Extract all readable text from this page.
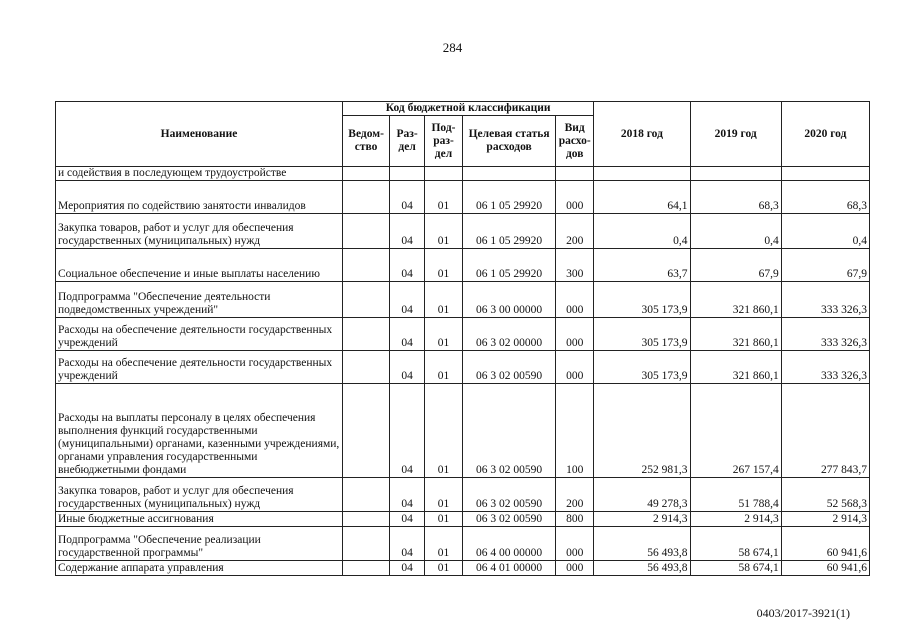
284
Наименование	Код бюджетной классификации					2018 год	2019 год	2020 год
	Ведом-ство	Раз-дел	Под-раз-дел	Целевая статья расходов	Вид расхо-дов			
и содействия в последующем трудоустройстве								
Мероприятия по содействию занятости инвалидов		04	01	06 1 05 29920	000	64,1	68,3	68,3
Закупка товаров, работ и услуг для обеспечения государственных (муниципальных) нужд		04	01	06 1 05 29920	200	0,4	0,4	0,4
Социальное обеспечение и иные выплаты населению		04	01	06 1 05 29920	300	63,7	67,9	67,9
Подпрограмма "Обеспечение деятельности подведомственных учреждений"		04	01	06 3 00 00000	000	305 173,9	321 860,1	333 326,3
Расходы на обеспечение деятельности государственных учреждений		04	01	06 3 02 00000	000	305 173,9	321 860,1	333 326,3
Расходы на обеспечение деятельности государственных учреждений		04	01	06 3 02 00590	000	305 173,9	321 860,1	333 326,3
Расходы на выплаты персоналу в целях обеспечения выполнения функций государственными (муниципальными) органами, казенными учреждениями, органами управления государственными внебюджетными фондами		04	01	06 3 02 00590	100	252 981,3	267 157,4	277 843,7
Закупка товаров, работ и услуг для обеспечения государственных (муниципальных) нужд		04	01	06 3 02 00590	200	49 278,3	51 788,4	52 568,3
Иные бюджетные ассигнования		04	01	06 3 02 00590	800	2 914,3	2 914,3	2 914,3
Подпрограмма "Обеспечение реализации государственной программы"		04	01	06 4 00 00000	000	56 493,8	58 674,1	60 941,6
Содержание аппарата управления		04	01	06 4 01 00000	000	56 493,8	58 674,1	60 941,6
0403/2017-3921(1)
